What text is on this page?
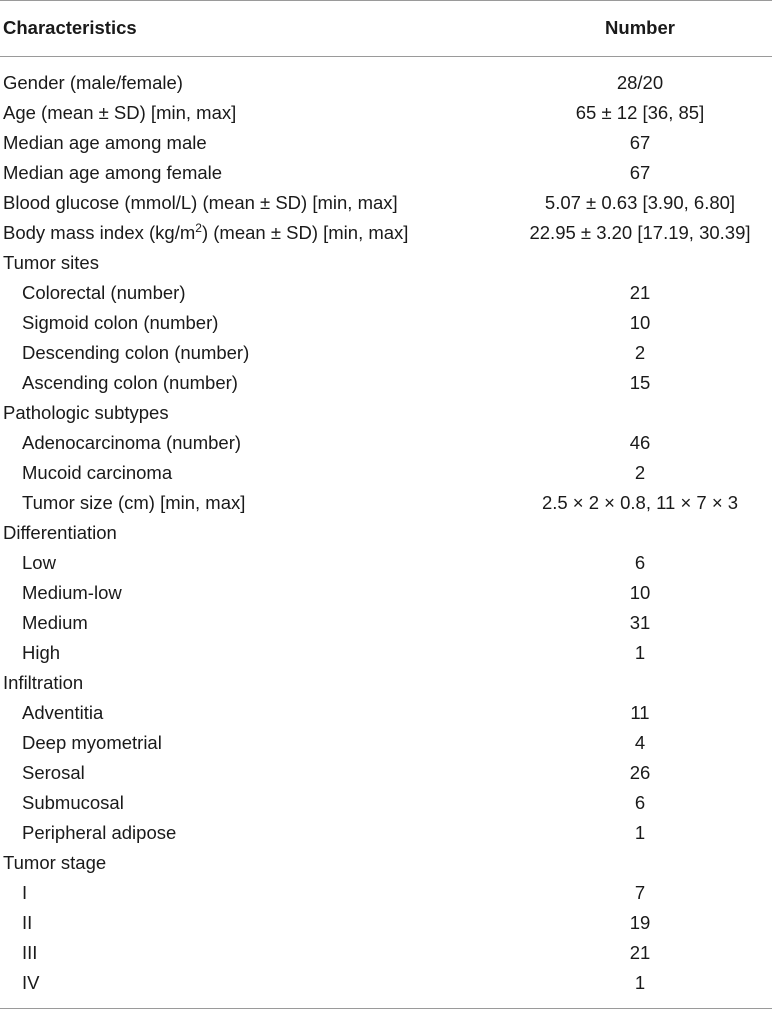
Characteristics	Number
Gender (male/female)	28/20
Age (mean ± SD) [min, max]	65 ± 12 [36, 85]
Median age among male	67
Median age among female	67
Blood glucose (mmol/L) (mean ± SD) [min, max]	5.07 ± 0.63 [3.90, 6.80]
Body mass index $(kg/m^2)$ (mean ± SD) [min, max]	22.95 ± 3.20 [17.19, 30.39]
Tumor sites
Colorectal (number)	21
Sigmoid colon (number)	10
Descending colon (number)	2
Ascending colon (number)	15
Pathologic subtypes
Adenocarcinoma (number)	46
Mucoid carcinoma	2
Tumor size (cm) [min, max]	2.5 × 2 × 0.8, 11 × 7 × 3
Differentiation
Low	6
Medium-low	10
Medium	31
High	1
Infiltration
Adventitia	11
Deep myometrial	4
Serosal	26
Submucosal	6
Peripheral adipose	1
Tumor stage
I	7
II	19
III	21
IV	1
